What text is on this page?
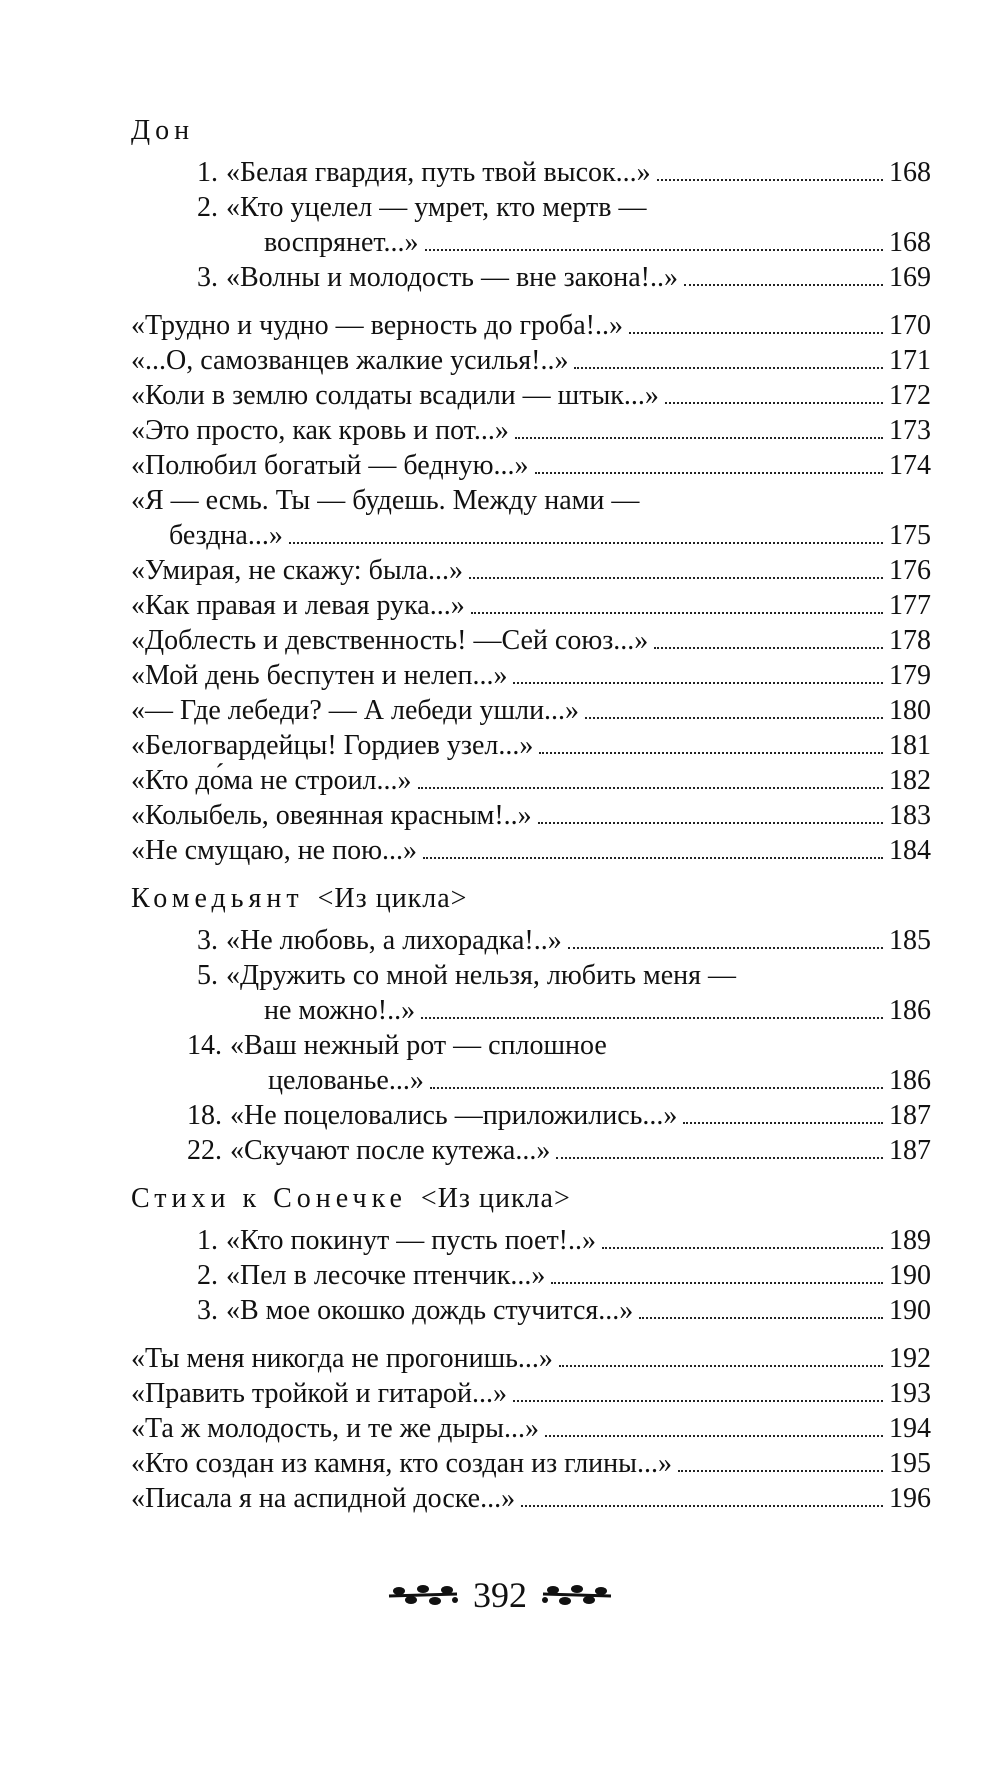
Дон
1. «Белая гвардия, путь твой высок...»	168
2. «Кто уцелел — умрет, кто мертв —
воспрянет...»	168
3. «Волны и молодость — вне закона!..»	169
«Трудно и чудно — верность до гроба!..»	170
«...О, самозванцев жалкие усилья!..»	171
«Коли в землю солдаты всадили — штык...»	172
«Это просто, как кровь и пот...»	173
«Полюбил богатый — бедную...»	174
«Я — есмь. Ты — будешь. Между нами —
бездна...»	175
«Умирая, не скажу: была...»	176
«Как правая и левая рука...»	177
«Доблесть и девственность! —Сей союз...»	178
«Мой день беспутен и нелеп...»	179
«— Где лебеди? — А лебеди ушли...»	180
«Белогвардейцы! Гордиев узел...»	181
«Кто до́ма не строил...»	182
«Колыбель, овеянная красным!..»	183
«Не смущаю, не пою...»	184
Комедьянт <Из цикла>
3. «Не любовь, а лихорадка!..»	185
5. «Дружить со мной нельзя, любить меня —
не можно!..»	186
14. «Ваш нежный рот — сплошное
целованье...»	186
18. «Не поцеловались —приложились...»	187
22. «Скучают после кутежа...»	187
Стихи к Сонечке <Из цикла>
1. «Кто покинут — пусть поет!..»	189
2. «Пел в лесочке птенчик...»	190
3. «В мое окошко дождь стучится...»	190
«Ты меня никогда не прогонишь...»	192
«Править тройкой и гитарой...»	193
«Та ж молодость, и те же дыры...»	194
«Кто создан из камня, кто создан из глины...»	195
«Писала я на аспидной доске...»	196
392
